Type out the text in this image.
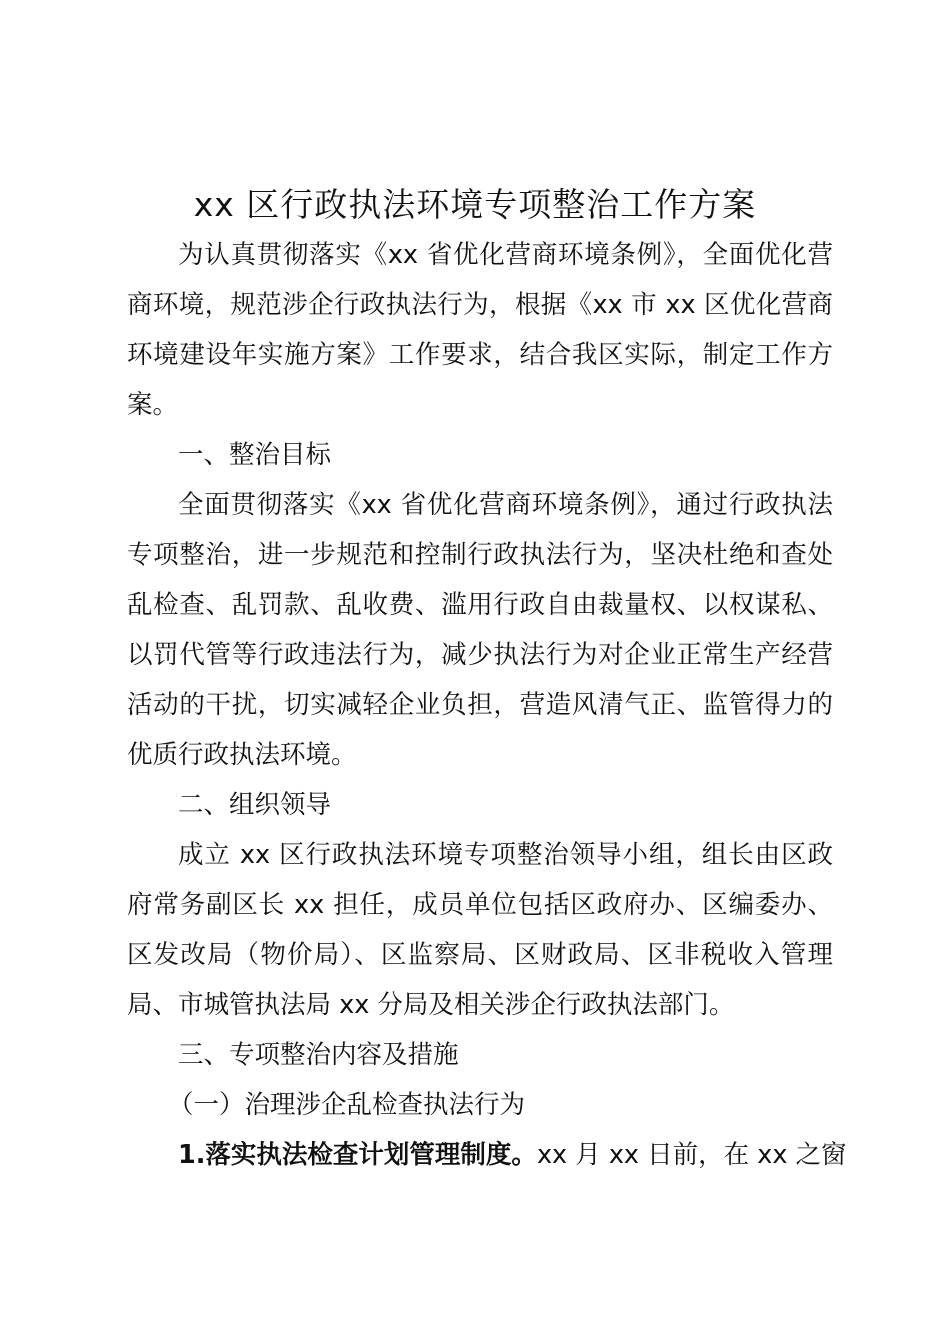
xx 区行政执法环境专项整治工作方案

为认真贯彻落实《xx 省优化营商环境条例》，全面优化营商环境，规范涉企行政执法行为，根据《xx 市 xx 区优化营商环境建设年实施方案》工作要求，结合我区实际，制定工作方案。

一、整治目标

全面贯彻落实《xx 省优化营商环境条例》，通过行政执法专项整治，进一步规范和控制行政执法行为，坚决杜绝和查处乱检查、乱罚款、乱收费、滥用行政自由裁量权、以权谋私、以罚代管等行政违法行为，减少执法行为对企业正常生产经营活动的干扰，切实减轻企业负担，营造风清气正、监管得力的优质行政执法环境。

二、组织领导

成立 xx 区行政执法环境专项整治领导小组，组长由区政府常务副区长 xx 担任，成员单位包括区政府办、区编委办、区发改局（物价局）、区监察局、区财政局、区非税收入管理局、市城管执法局 xx 分局及相关涉企行政执法部门。

三、专项整治内容及措施
（一）治理涉企乱检查执法行为
1.落实执法检查计划管理制度。xx 月 xx 日前，在 xx 之窗
